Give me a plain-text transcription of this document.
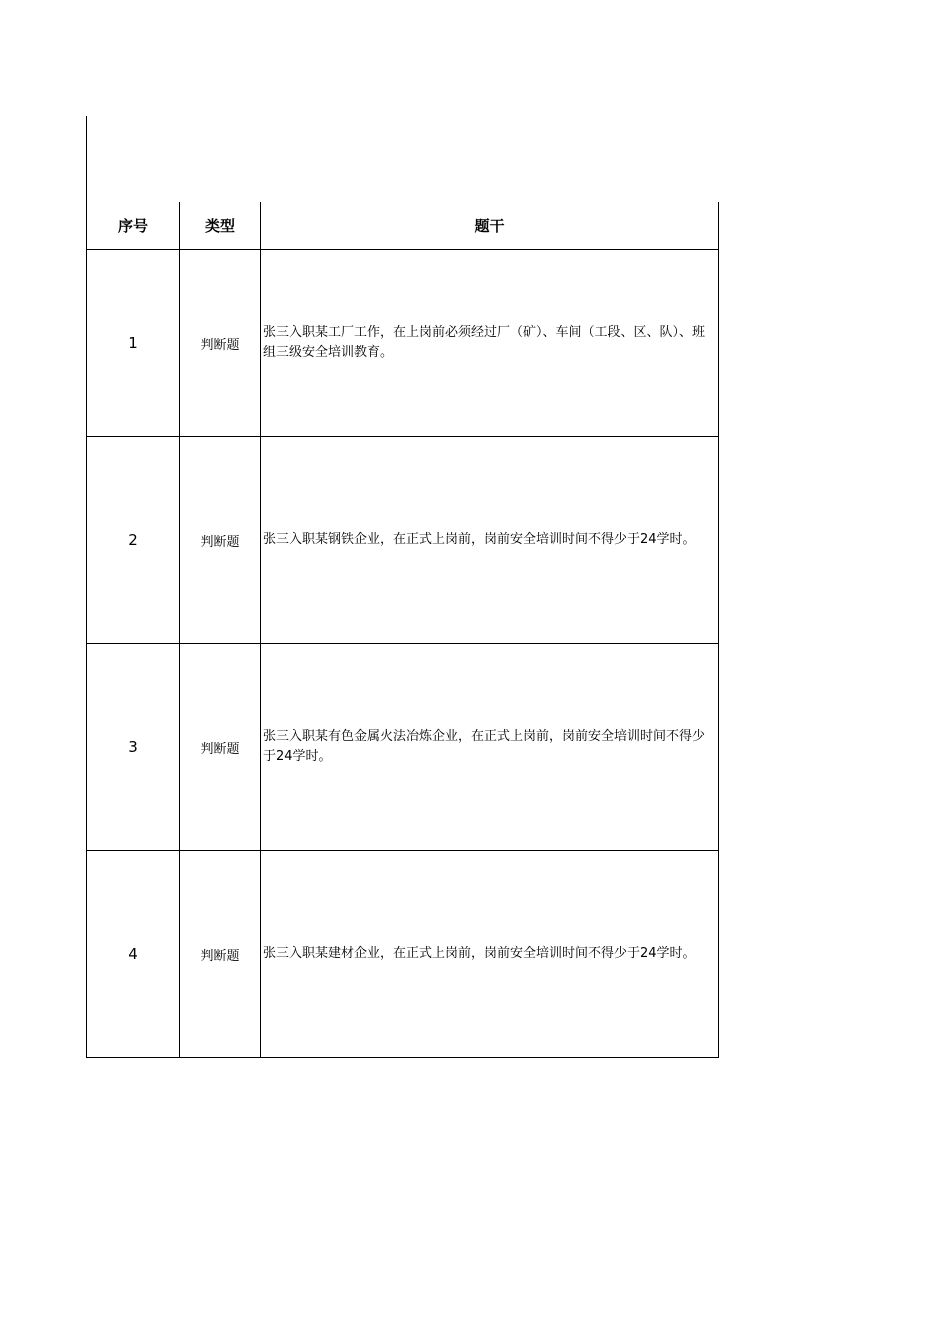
序号	类型	题干
1	判断题	张三入职某工厂工作，在上岗前必须经过厂（矿）、车间（工段、区、队）、班组三级安全培训教育。
2	判断题	张三入职某钢铁企业，在正式上岗前，岗前安全培训时间不得少于24学时。
3	判断题	张三入职某有色金属火法冶炼企业，在正式上岗前，岗前安全培训时间不得少于24学时。
4	判断题	张三入职某建材企业，在正式上岗前，岗前安全培训时间不得少于24学时。
